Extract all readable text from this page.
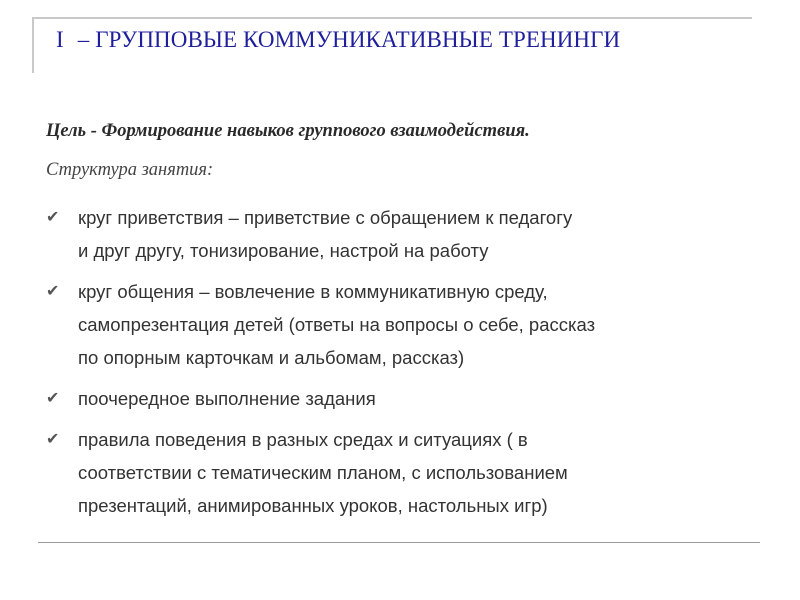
I – ГРУППОВЫЕ КОММУНИКАТИВНЫЕ ТРЕНИНГИ
Цель - Формирование навыков группового взаимодействия.
Структура занятия:
✔	круг приветствия – приветствие с обращением к педагогу
и друг другу, тонизирование, настрой на работу
✔	круг общения – вовлечение в коммуникативную среду,
самопрезентация детей (ответы на вопросы о себе, рассказ
по опорным карточкам и альбомам, рассказ)
✔	поочередное выполнение задания
✔	правила поведения в разных средах и ситуациях ( в
соответствии с тематическим планом, с использованием
презентаций, анимированных уроков, настольных игр)
